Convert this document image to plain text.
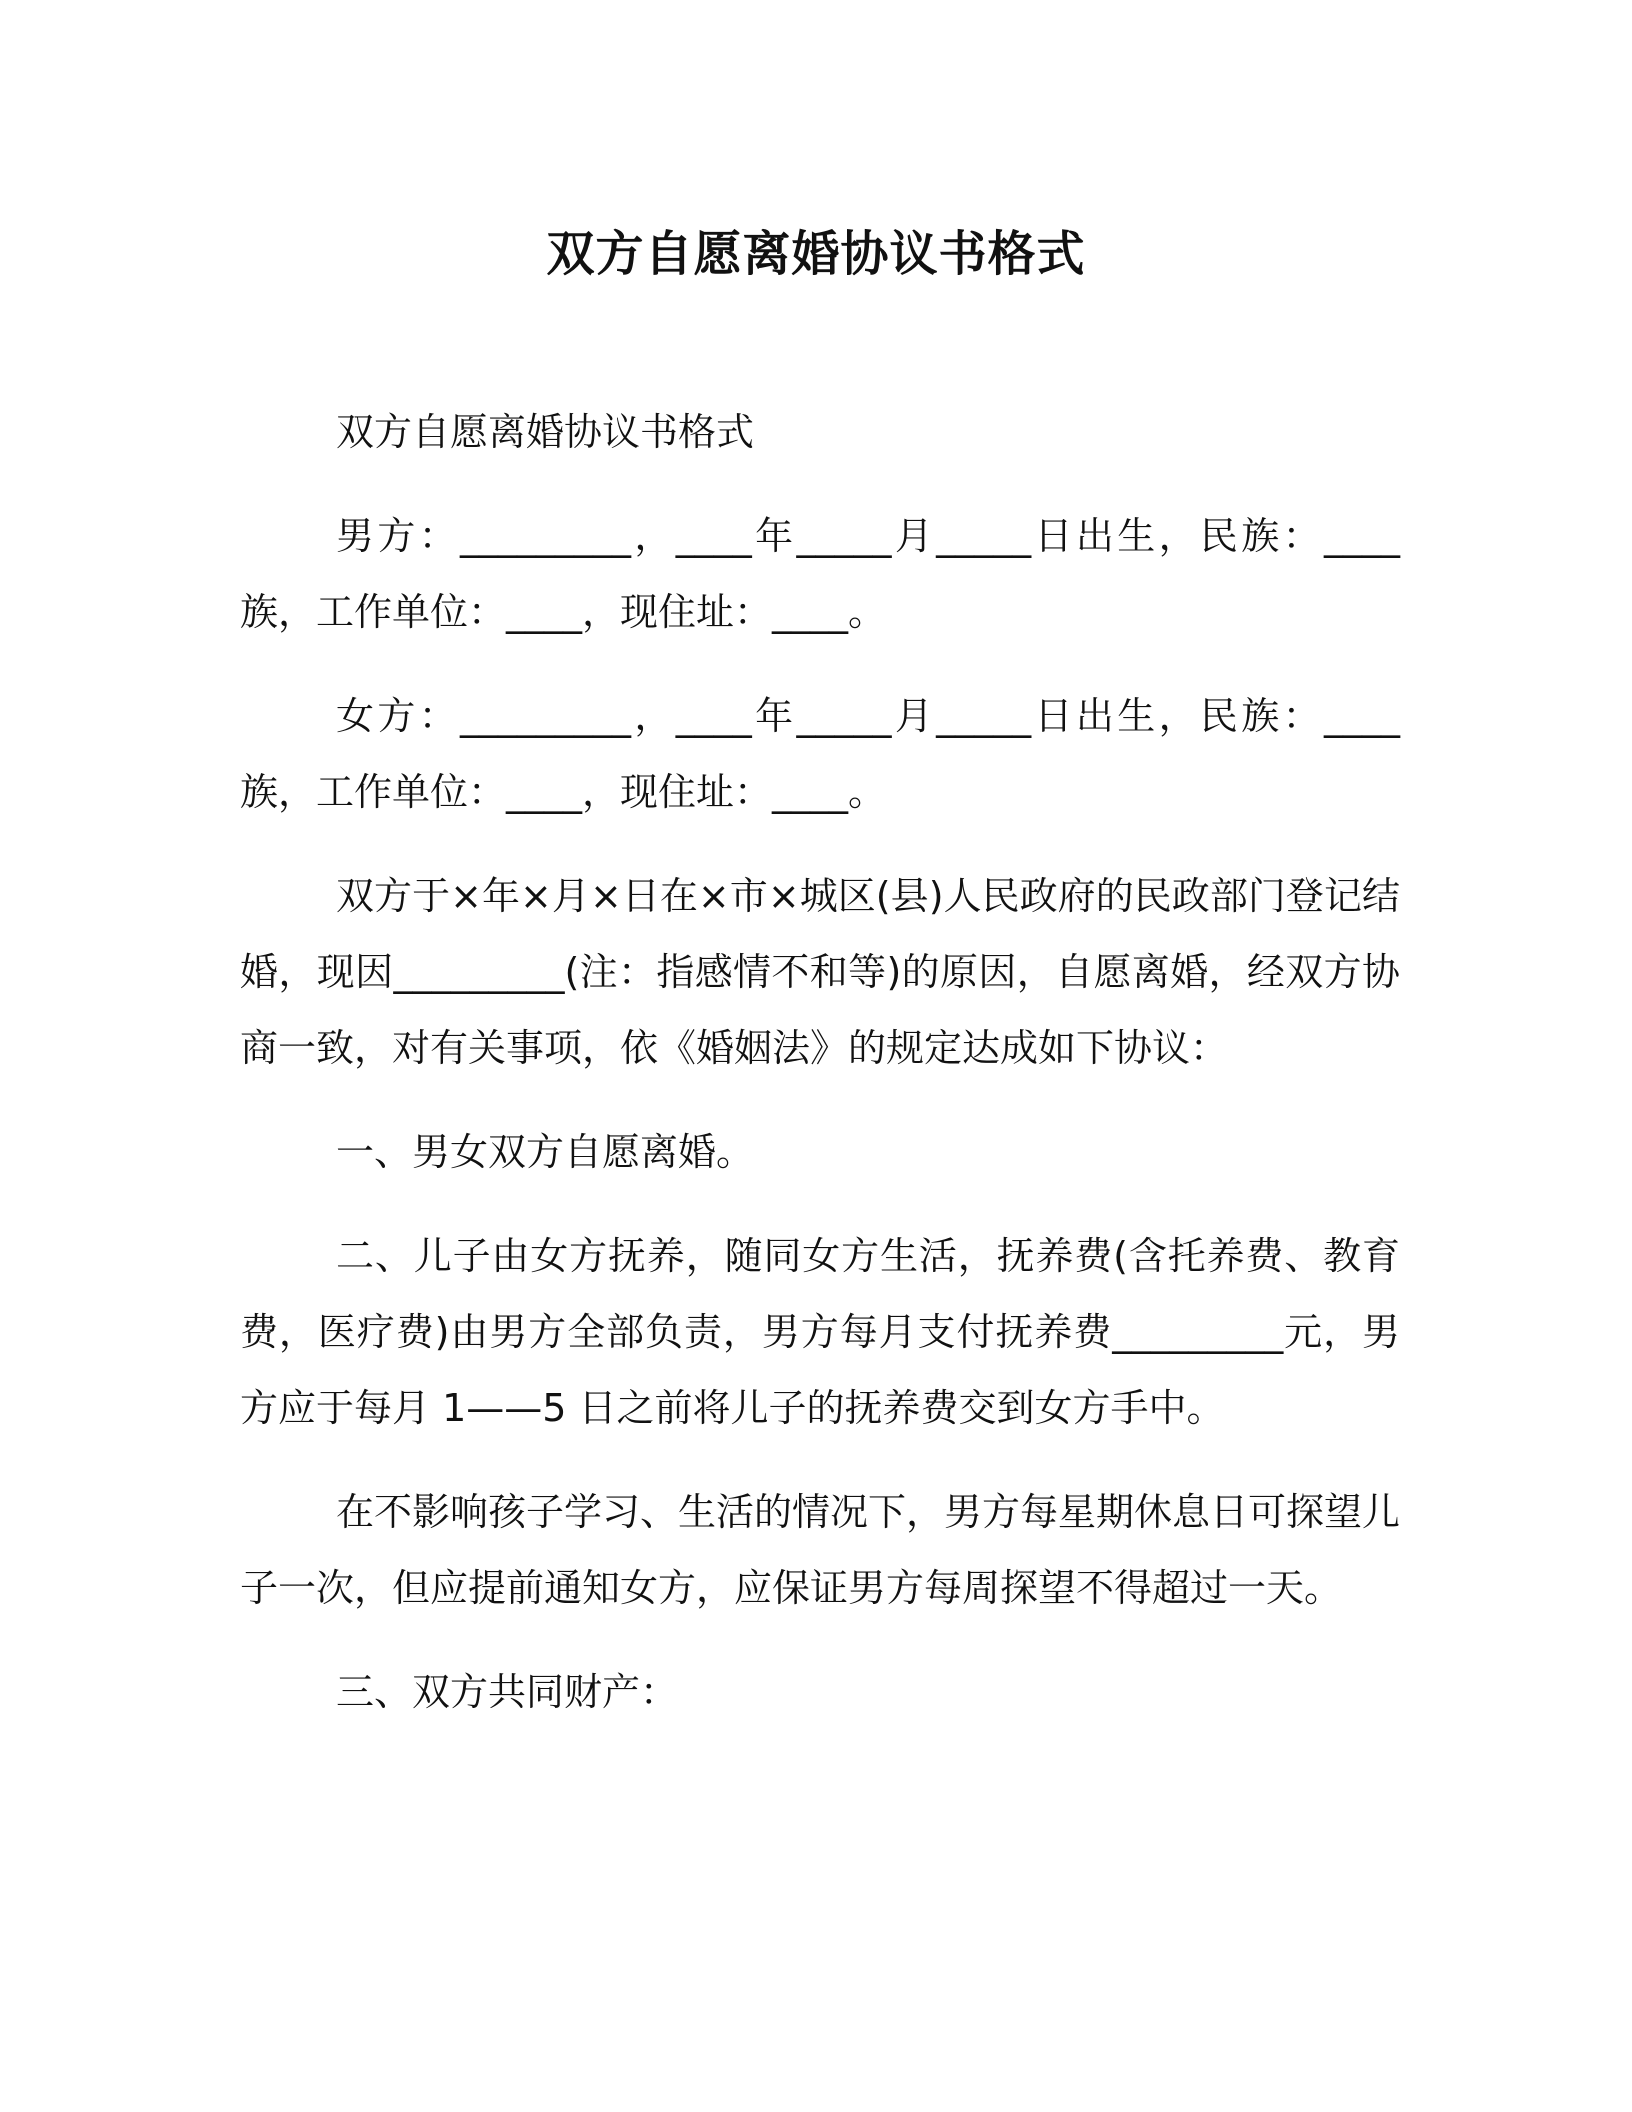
双方自愿离婚协议书格式

双方自愿离婚协议书格式

男方：_________，____年_____月_____日出生，民族：____族，工作单位：____，现住址：____。

女方：_________，____年_____月_____日出生，民族：____族，工作单位：____，现住址：____。

双方于×年×月×日在×市×城区(县)人民政府的民政部门登记结婚，现因_________(注：指感情不和等)的原因，自愿离婚，经双方协商一致，对有关事项，依《婚姻法》的规定达成如下协议：

一、男女双方自愿离婚。

二、儿子由女方抚养，随同女方生活，抚养费(含托养费、教育费，医疗费)由男方全部负责，男方每月支付抚养费_________元，男方应于每月 1——5 日之前将儿子的抚养费交到女方手中。

在不影响孩子学习、生活的情况下，男方每星期休息日可探望儿子一次，但应提前通知女方，应保证男方每周探望不得超过一天。

三、双方共同财产：
